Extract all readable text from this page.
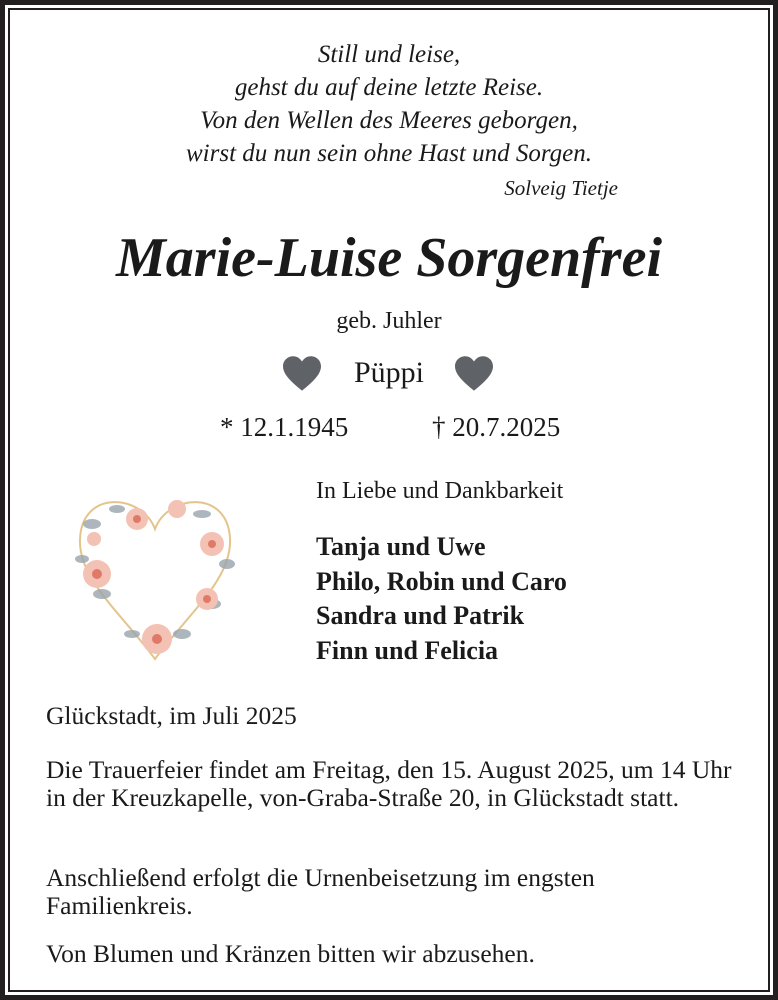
Still und leise,
gehst du auf deine letzte Reise.
Von den Wellen des Meeres geborgen,
wirst du nun sein ohne Hast und Sorgen.
Solveig Tietje
Marie-Luise Sorgenfrei
geb. Juhler
Püppi
* 12.1.1945	† 20.7.2025
In Liebe und Dankbarkeit
Tanja und Uwe
Philo, Robin und Caro
Sandra und Patrik
Finn und Felicia
Glückstadt, im Juli 2025
Die Trauerfeier findet am Freitag, den 15. August 2025, um 14 Uhr in der Kreuzkapelle, von-Graba-Straße 20, in Glückstadt statt.
Anschließend erfolgt die Urnenbeisetzung im engsten Familienkreis.
Von Blumen und Kränzen bitten wir abzusehen.
